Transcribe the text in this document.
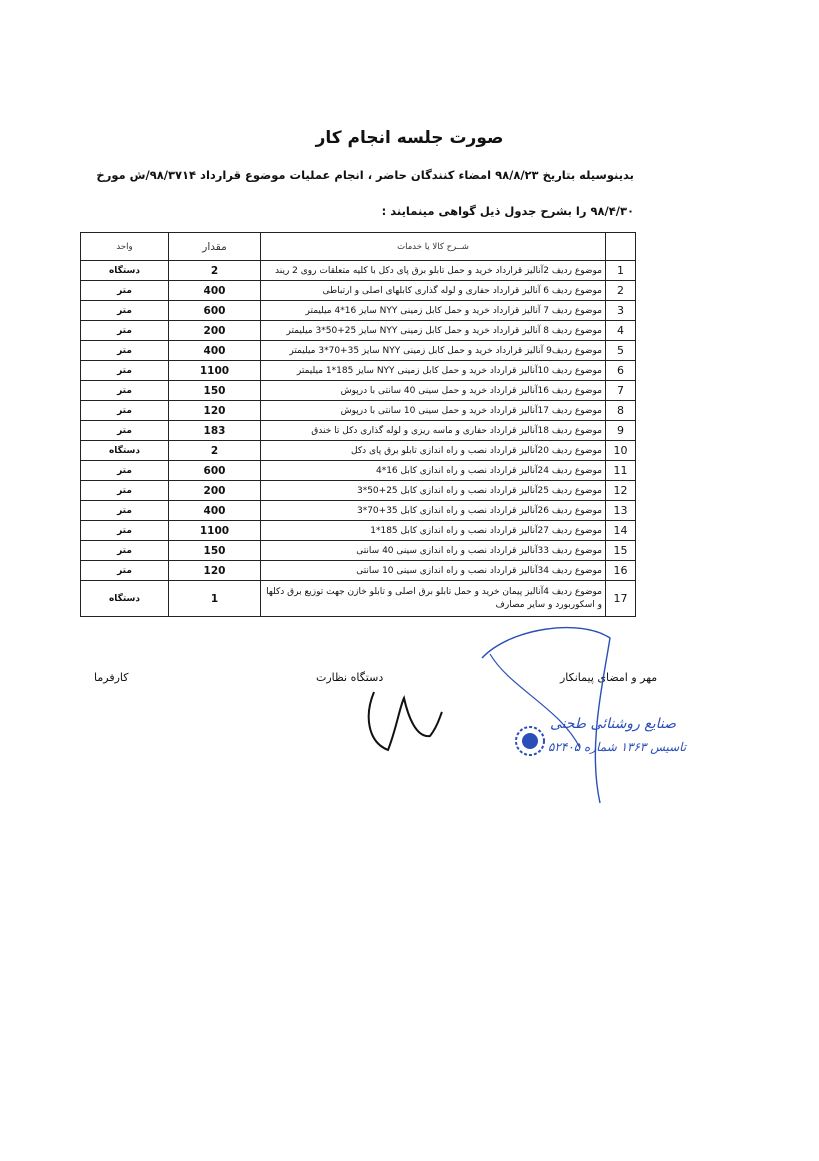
صورت جلسه انجام کار
بدینوسیله بتاریخ ۹۸/۸/۲۳ امضاء کنندگان حاضر ، انجام عملیات موضوع قرارداد ۹۸/۳۷۱۴/ش مورخ
۹۸/۴/۳۰ را بشرح جدول ذیل گواهی مینمایند :
	شــرح کالا یا خدمات	مقدار	واحد
1	موضوع ردیف 2آنالیز قرارداد خرید و حمل تابلو برق پای دکل با کلیه متعلقات روی 2 ریند	2	دستگاه
2	موضوع ردیف 6 آنالیز قرارداد حفاری و لوله گذاری کابلهای اصلی و ارتباطی	400	متر
3	موضوع ردیف 7 آنالیز قرارداد خرید و حمل کابل زمینی NYY سایز 16*4 میلیمتر	600	متر
4	موضوع ردیف 8 آنالیز قرارداد خرید و حمل کابل زمینی NYY سایز 25+50*3 میلیمتر	200	متر
5	موضوع ردیف9 آنالیز قرارداد خرید و حمل کابل زمینی NYY سایز 35+70*3 میلیمتر	400	متر
6	موضوع ردیف 10آنالیز قرارداد خرید و حمل کابل زمینی NYY سایز 185*1 میلیمتر	1100	متر
7	موضوع ردیف 16آنالیز قرارداد خرید و حمل سینی 40 سانتی با درپوش	150	متر
8	موضوع ردیف 17آنالیز قرارداد خرید و حمل سینی 10 سانتی با درپوش	120	متر
9	موضوع ردیف 18آنالیز قرارداد حفاری و ماسه ریزی و لوله گذاری دکل تا خندق	183	متر
10	موضوع ردیف 20آنالیز قرارداد نصب و راه اندازی تابلو برق پای دکل	2	دستگاه
11	موضوع ردیف 24آنالیز قرارداد نصب و راه اندازی کابل 16*4	600	متر
12	موضوع ردیف 25آنالیز قرارداد نصب و راه اندازی کابل 25+50*3	200	متر
13	موضوع ردیف 26آنالیز قرارداد نصب و راه اندازی کابل 35+70*3	400	متر
14	موضوع ردیف 27آنالیز قرارداد نصب و راه اندازی کابل 185*1	1100	متر
15	موضوع ردیف 33آنالیز قرارداد نصب و راه اندازی سینی 40 سانتی	150	متر
16	موضوع ردیف 34آنالیز قرارداد نصب و راه اندازی سینی 10 سانتی	120	متر
17	موضوع ردیف 4آنالیز پیمان خرید و حمل تابلو برق اصلی و تابلو خازن جهت توزیع برق دکلها و اسکوربورد و سایر مصارف	1	دستگاه
مهر و امضای پیمانکار
دستگاه نظارت
کارفرما
صنایع روشنائی طحنی
تاسیس ۱۳۶۳ شماره ۵۲۴۰۵
